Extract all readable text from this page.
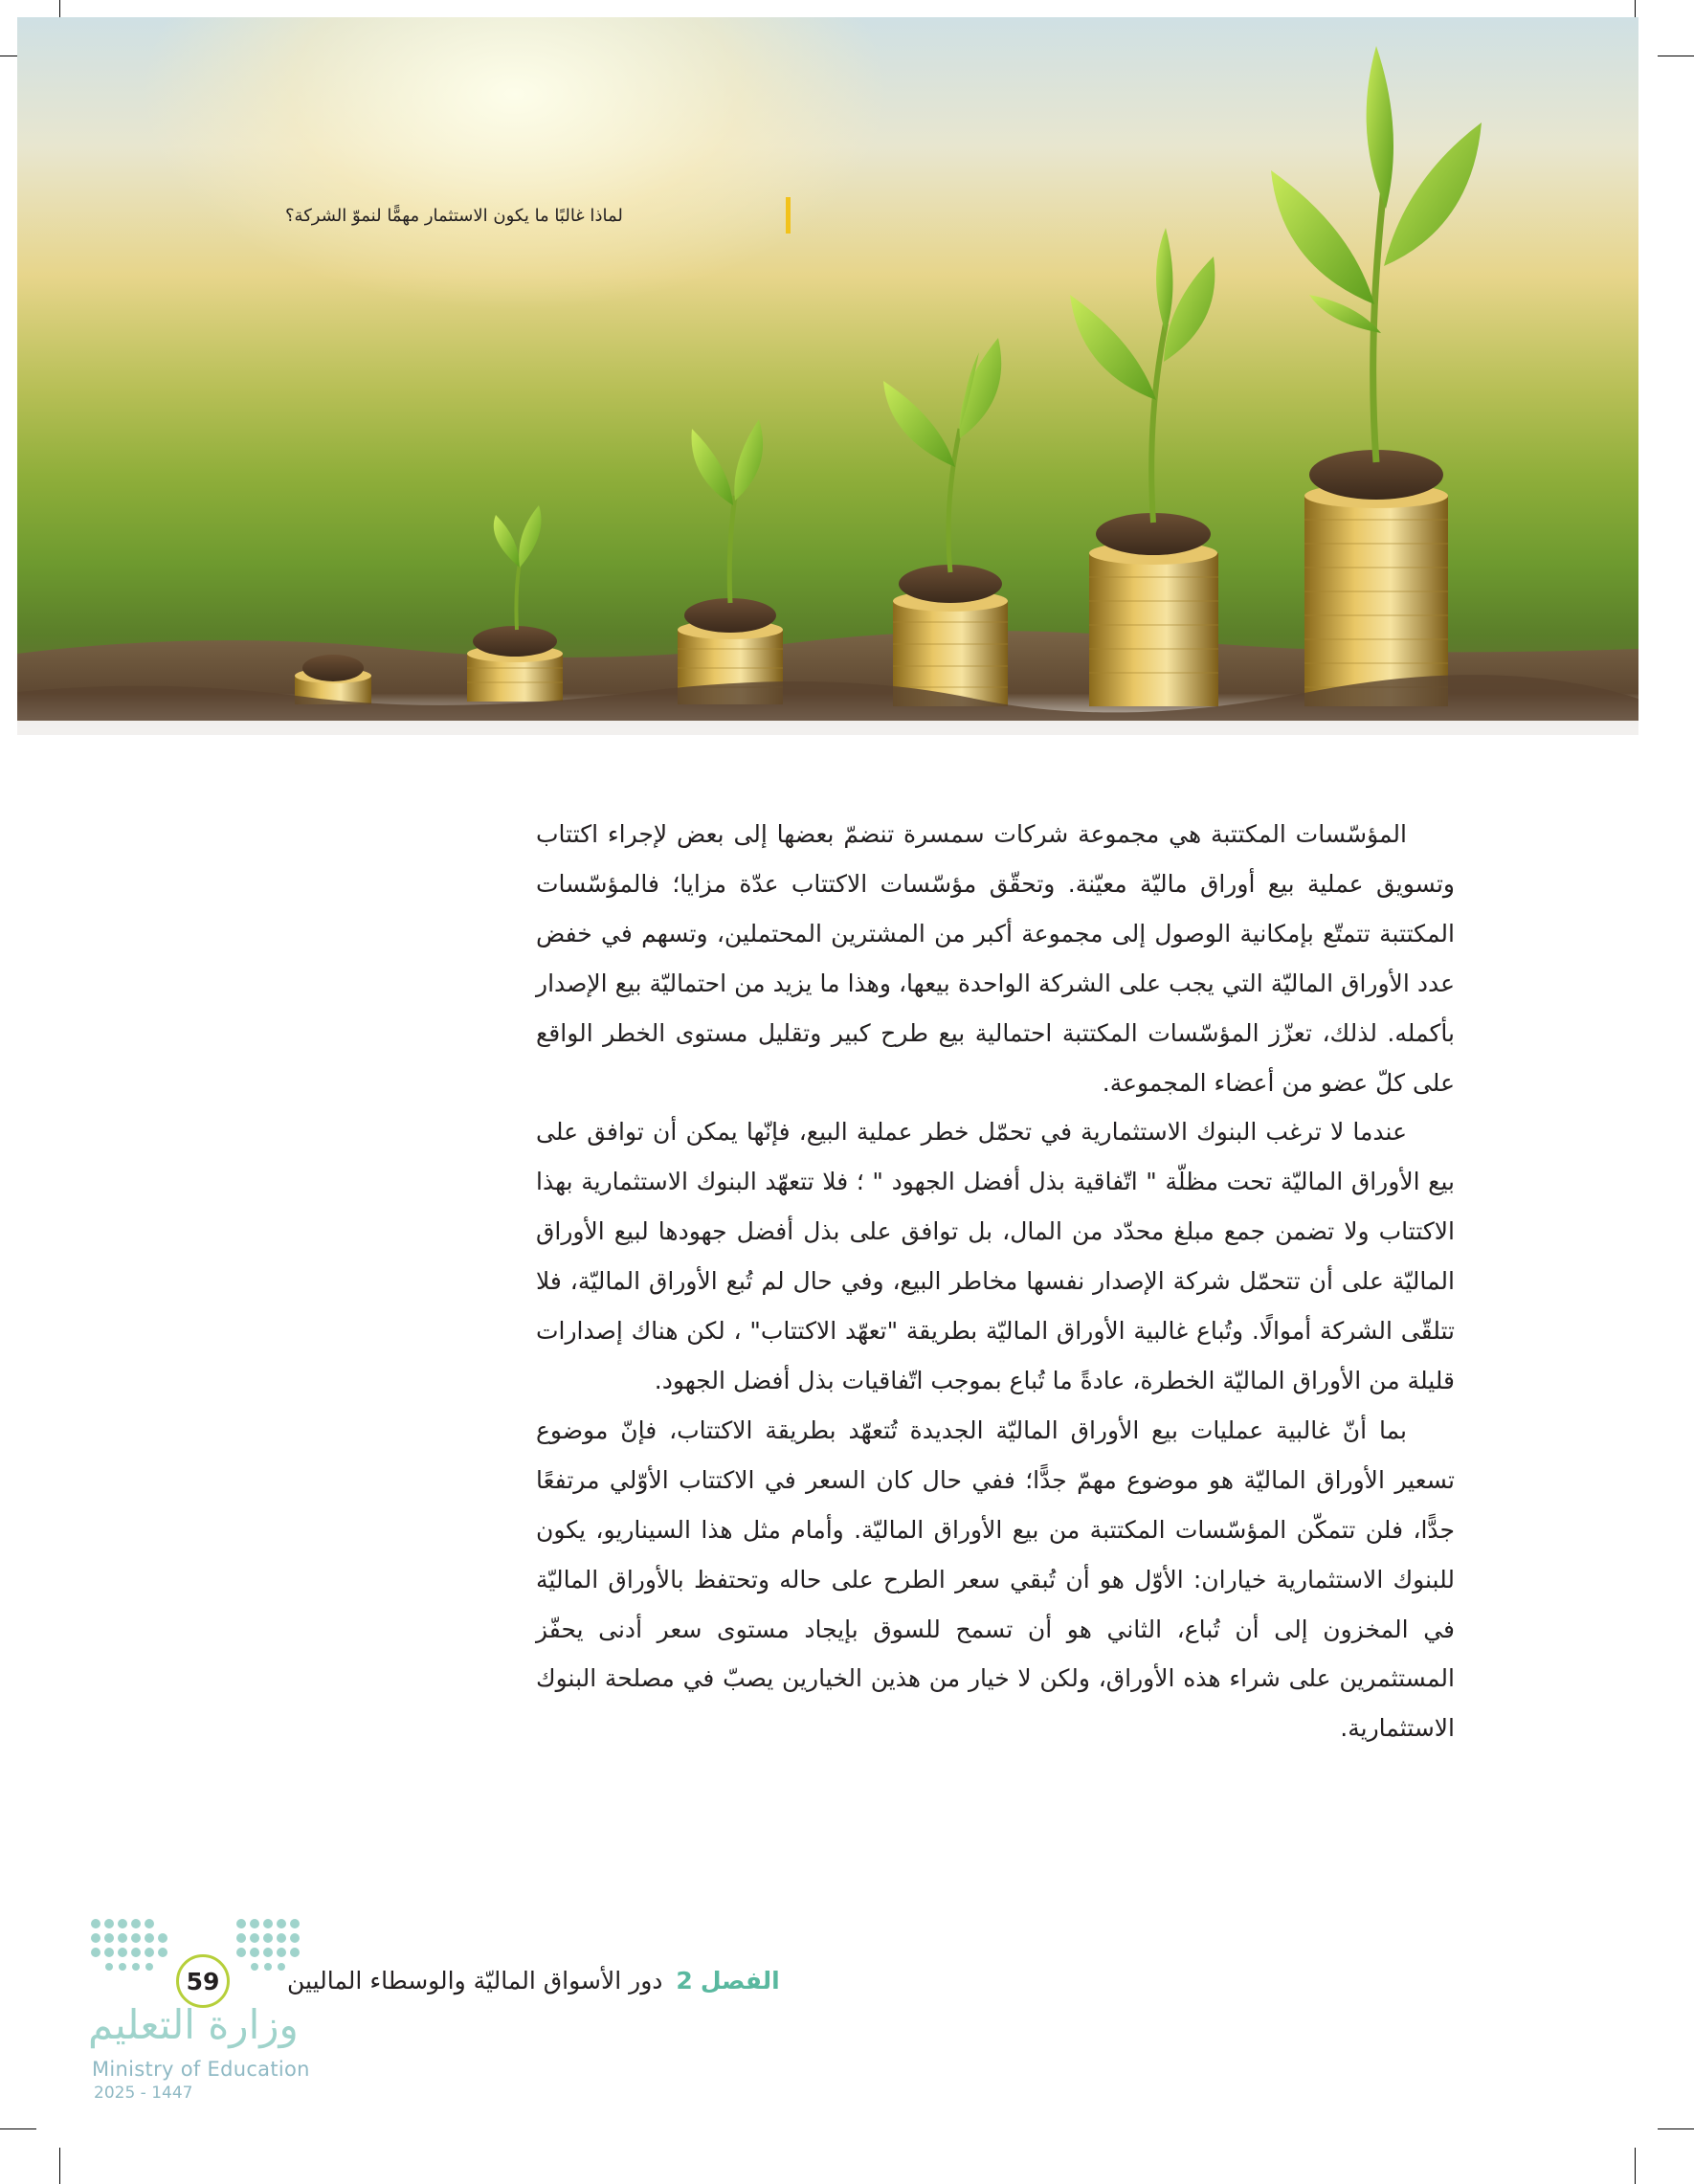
لماذا غالبًا ما يكون الاستثمار مهمًّا لنموّ الشركة؟

المؤسّسات المكتتبة هي مجموعة شركات سمسرة تنضمّ بعضها إلى بعض لإجراء اكتتاب وتسويق عملية بيع أوراق ماليّة معيّنة. وتحقّق مؤسّسات الاكتتاب عدّة مزايا؛ فالمؤسّسات المكتتبة تتمتّع بإمكانية الوصول إلى مجموعة أكبر من المشترين المحتملين، وتسهم في خفض عدد الأوراق الماليّة التي يجب على الشركة الواحدة بيعها، وهذا ما يزيد من احتماليّة بيع الإصدار بأكمله. لذلك، تعزّز المؤسّسات المكتتبة احتمالية بيع طرح كبير وتقليل مستوى الخطر الواقع على كلّ عضو من أعضاء المجموعة.

عندما لا ترغب البنوك الاستثمارية في تحمّل خطر عملية البيع، فإنّها يمكن أن توافق على بيع الأوراق الماليّة تحت مظلّة " اتّفاقية بذل أفضل الجهود " ؛ فلا تتعهّد البنوك الاستثمارية بهذا الاكتتاب ولا تضمن جمع مبلغ محدّد من المال، بل توافق على بذل أفضل جهودها لبيع الأوراق الماليّة على أن تتحمّل شركة الإصدار نفسها مخاطر البيع، وفي حال لم تُبع الأوراق الماليّة، فلا تتلقّى الشركة أموالًا. وتُباع غالبية الأوراق الماليّة بطريقة "تعهّد الاكتتاب" ، لكن هناك إصدارات قليلة من الأوراق الماليّة الخطرة، عادةً ما تُباع بموجب اتّفاقيات بذل أفضل الجهود.

بما أنّ غالبية عمليات بيع الأوراق الماليّة الجديدة تُتعهّد بطريقة الاكتتاب، فإنّ موضوع تسعير الأوراق الماليّة هو موضوع مهمّ جدًّا؛ ففي حال كان السعر في الاكتتاب الأوّلي مرتفعًا جدًّا، فلن تتمكّن المؤسّسات المكتتبة من بيع الأوراق الماليّة. وأمام مثل هذا السيناريو، يكون للبنوك الاستثمارية خياران: الأوّل هو أن تُبقي سعر الطرح على حاله وتحتفظ بالأوراق الماليّة في المخزون إلى أن تُباع، الثاني هو أن تسمح للسوق بإيجاد مستوى سعر أدنى يحفّز المستثمرين على شراء هذه الأوراق، ولكن لا خيار من هذين الخيارين يصبّ في مصلحة البنوك الاستثمارية.

الفصل
2
دور الأسواق الماليّة والوسطاء الماليين
59
وزارة التعليم
Ministry of Education
2025 - 1447
